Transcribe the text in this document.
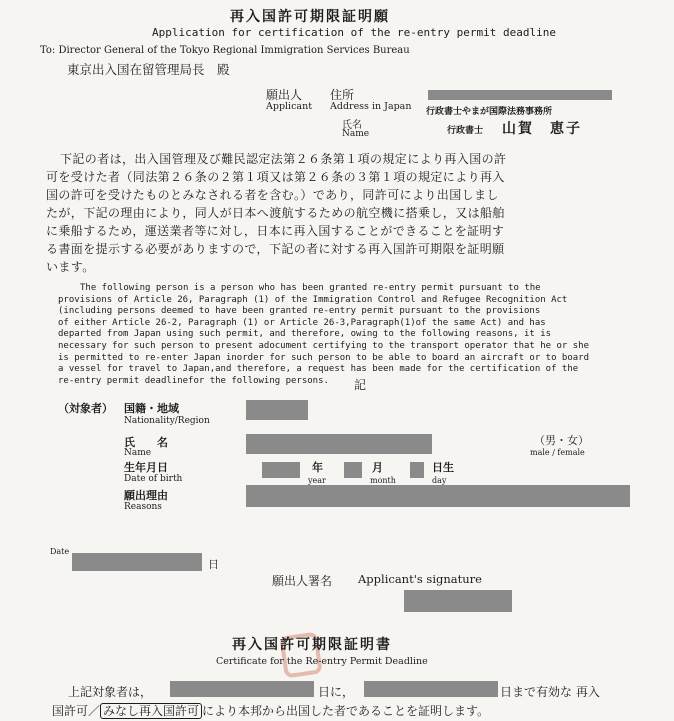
再入国許可期限証明願
Application for certification of the re-entry permit deadline
To: Director General of the Tokyo Regional Immigration Services Bureau
東京出入国在留管理局長　殿
願出人
Applicant
住所
Address in Japan 行政書士やまが国際法務事務所
氏名
Name	行政書士 山賀　恵子
下記の者は，出入国管理及び難民認定法第２６条第１項の規定により再入国の許
可を受けた者（同法第２６条の２第１項又は第２６条の３第１項の規定により再入
国の許可を受けたものとみなされる者を含む。）であり，同許可により出国しまし
たが，下記の理由により，同人が日本へ渡航するための航空機に搭乗し，又は船舶
に乗船するため，運送業者等に対し，日本に再入国することができることを証明す
る書面を提示する必要がありますので，下記の者に対する再入国許可期限を証明願
います。
The following person is a person who has been granted re-entry permit pursuant to the
provisions of Article 26, Paragraph (1) of the Immigration Control and Refugee Recognition Act
(including persons deemed to have been granted re-entry permit pursuant to the provisions
of either Article 26-2, Paragraph (1) or Article 26-3,Paragraph(1)of the same Act) and has
departed from Japan using such permit, and therefore, owing to the following reasons, it is
necessary for such person to present adocument certifying to the transport operator that he or she
is permitted to re-enter Japan inorder for such person to be able to board an aircraft or to board
a vessel for travel to Japan,and therefore, a request has been made for the certification of the
re-entry permit deadlinefor the following persons.	記
（対象者） 国籍・地域
Nationality/Region
氏　　名
Name
（男・女）
male / female
生年月日
Date of birth
年
year
月
month
日生
day
願出理由
Reasons
Date
日
願出人署名 Applicant's signature
再入国許可期限証明書
Certificate for the Re-entry Permit Deadline
上記対象者は，	日に，	日まで有効な 再入
国許可／ みなし再入国許可 により本邦から出国した者であることを証明します。
